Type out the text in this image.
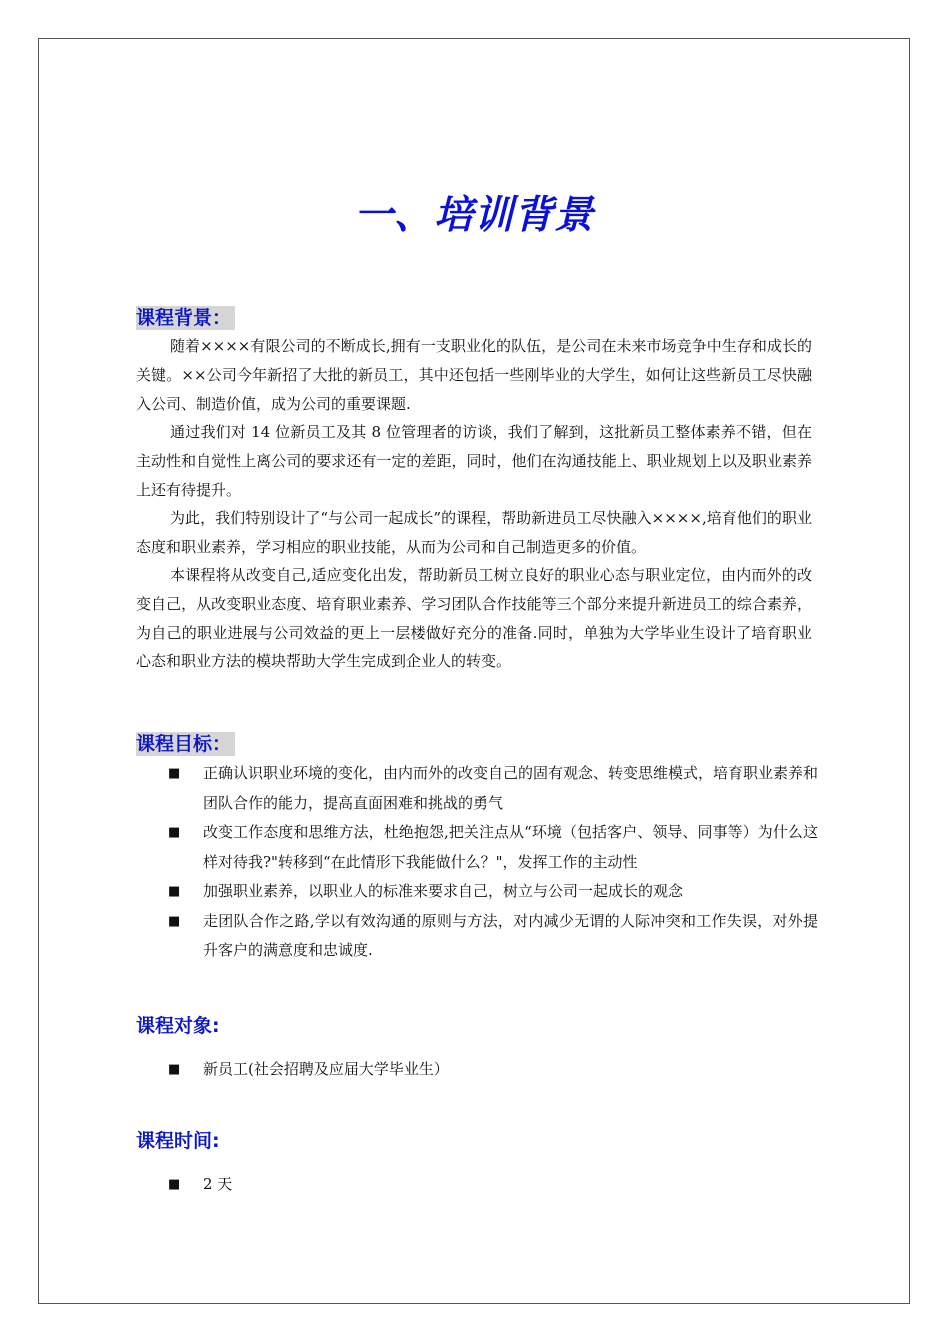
一、培训背景
课程背景：

随着××××有限公司的不断成长,拥有一支职业化的队伍，是公司在未来市场竞争中生存和成长的关键。××公司今年新招了大批的新员工，其中还包括一些刚毕业的大学生，如何让这些新员工尽快融入公司、制造价值，成为公司的重要课题.

通过我们对 14 位新员工及其 8 位管理者的访谈，我们了解到，这批新员工整体素养不错，但在主动性和自觉性上离公司的要求还有一定的差距，同时，他们在沟通技能上、职业规划上以及职业素养上还有待提升。

为此，我们特别设计了“与公司一起成长”的课程，帮助新进员工尽快融入××××,培育他们的职业态度和职业素养，学习相应的职业技能，从而为公司和自己制造更多的价值。

本课程将从改变自己,适应变化出发，帮助新员工树立良好的职业心态与职业定位，由内而外的改变自己，从改变职业态度、培育职业素养、学习团队合作技能等三个部分来提升新进员工的综合素养，为自己的职业进展与公司效益的更上一层楼做好充分的准备.同时，单独为大学毕业生设计了培育职业心态和职业方法的模块帮助大学生完成到企业人的转变。

课程目标：
■ 正确认识职业环境的变化，由内而外的改变自己的固有观念、转变思维模式，培育职业素养和团队合作的能力，提高直面困难和挑战的勇气
■ 改变工作态度和思维方法，杜绝抱怨,把关注点从“环境（包括客户、领导、同事等）为什么这样对待我?"转移到“在此情形下我能做什么？"，发挥工作的主动性
■ 加强职业素养，以职业人的标准来要求自己，树立与公司一起成长的观念
■ 走团队合作之路,学以有效沟通的原则与方法，对内减少无谓的人际冲突和工作失误，对外提升客户的满意度和忠诚度.
课程对象:
■ 新员工(社会招聘及应届大学毕业生）
课程时间:
■ 2 天
